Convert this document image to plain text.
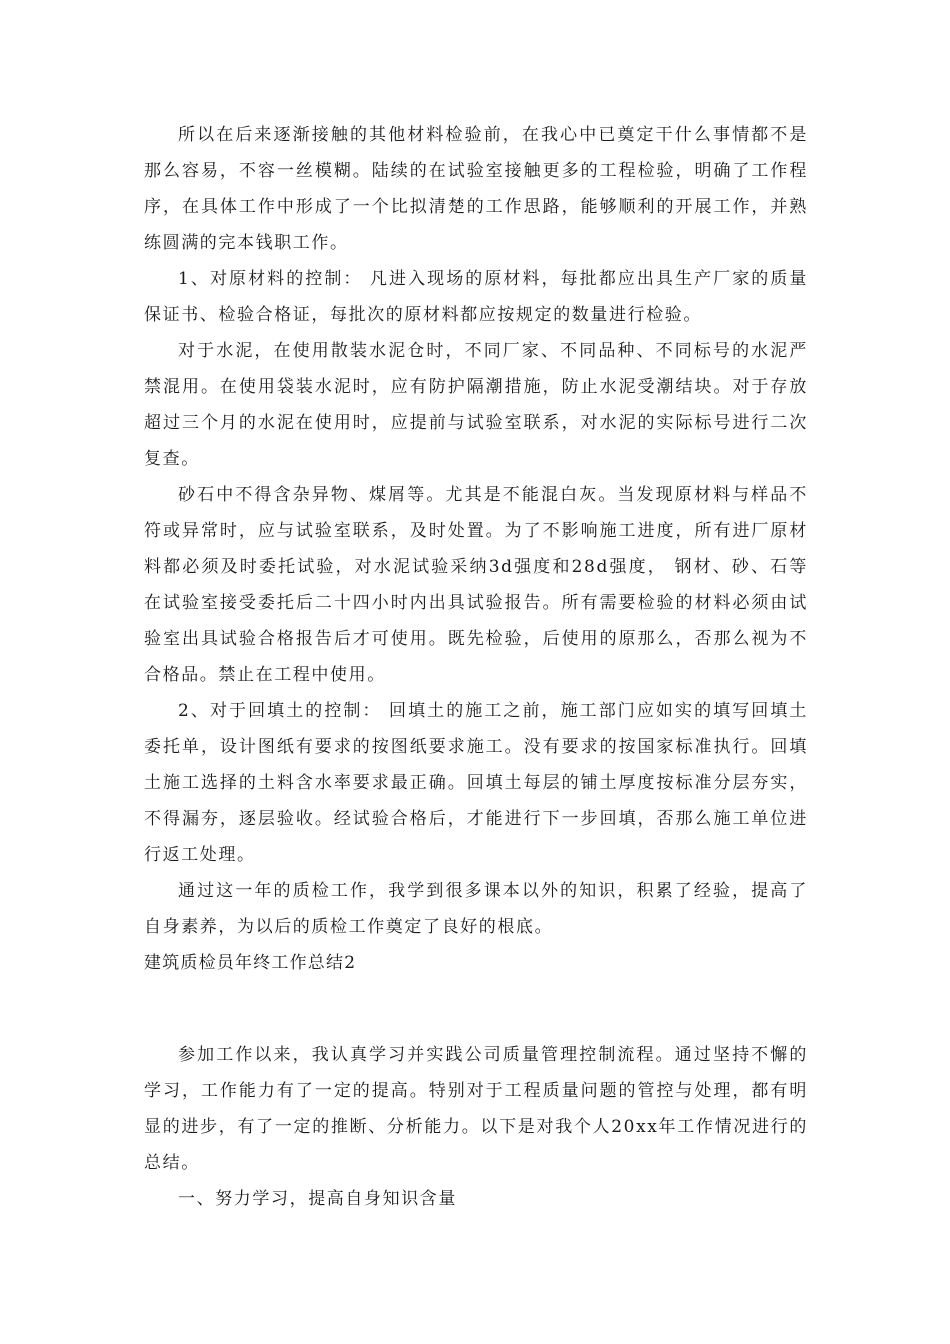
所以在后来逐渐接触的其他材料检验前，在我心中已奠定干什么事情都不是那么容易，不容一丝模糊。陆续的在试验室接触更多的工程检验，明确了工作程序，在具体工作中形成了一个比拟清楚的工作思路，能够顺利的开展工作，并熟练圆满的完本钱职工作。

1、对原材料的控制： 凡进入现场的原材料，每批都应出具生产厂家的质量保证书、检验合格证，每批次的原材料都应按规定的数量进行检验。

对于水泥，在使用散装水泥仓时，不同厂家、不同品种、不同标号的水泥严禁混用。在使用袋装水泥时，应有防护隔潮措施，防止水泥受潮结块。对于存放超过三个月的水泥在使用时，应提前与试验室联系，对水泥的实际标号进行二次复查。

砂石中不得含杂异物、煤屑等。尤其是不能混白灰。当发现原材料与样品不符或异常时，应与试验室联系，及时处置。为了不影响施工进度，所有进厂原材料都必须及时委托试验，对水泥试验采纳3d强度和28d强度， 钢材、砂、石等在试验室接受委托后二十四小时内出具试验报告。所有需要检验的材料必须由试验室出具试验合格报告后才可使用。既先检验，后使用的原那么，否那么视为不合格品。禁止在工程中使用。

2、对于回填土的控制： 回填土的施工之前，施工部门应如实的填写回填土委托单，设计图纸有要求的按图纸要求施工。没有要求的按国家标准执行。回填土施工选择的土料含水率要求最正确。回填土每层的铺土厚度按标准分层夯实，不得漏夯，逐层验收。经试验合格后，才能进行下一步回填，否那么施工单位进行返工处理。

通过这一年的质检工作，我学到很多课本以外的知识，积累了经验，提高了自身素养，为以后的质检工作奠定了良好的根底。

建筑质检员年终工作总结2

参加工作以来，我认真学习并实践公司质量管理控制流程。通过坚持不懈的学习，工作能力有了一定的提高。特别对于工程质量问题的管控与处理，都有明显的进步，有了一定的推断、分析能力。以下是对我个人20xx年工作情况进行的总结。

一、努力学习，提高自身知识含量
